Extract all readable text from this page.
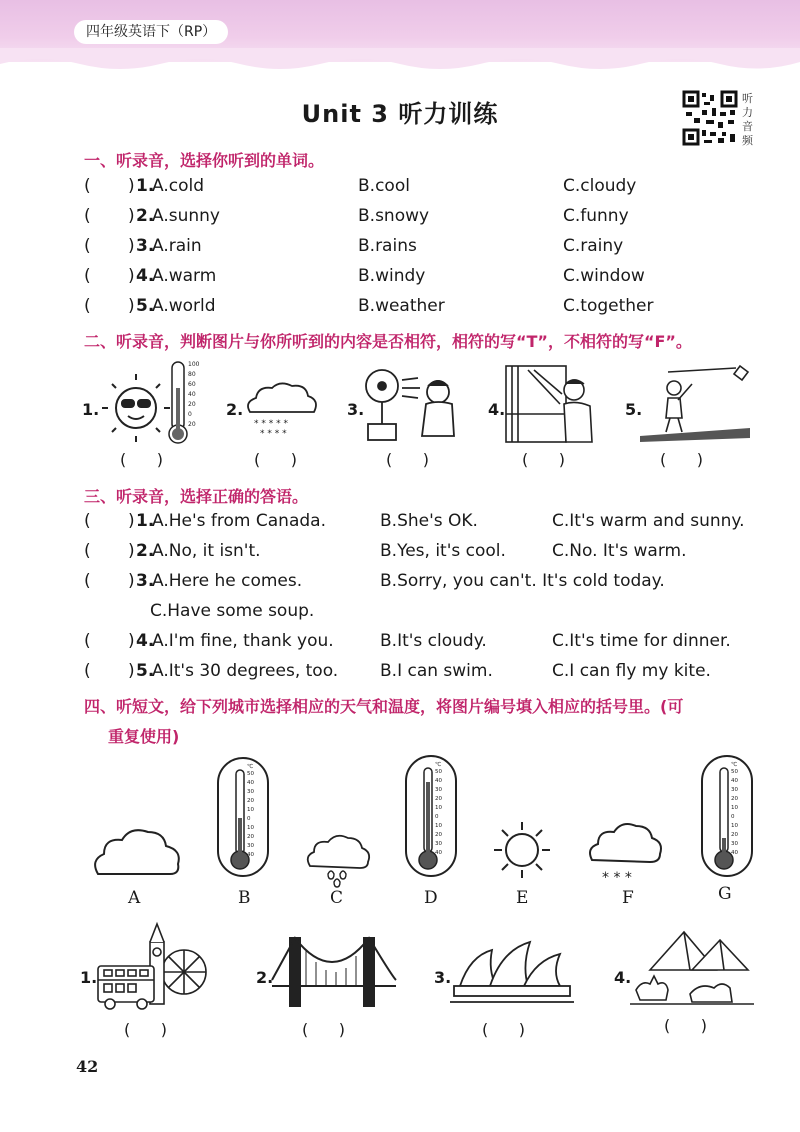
四年级英语下（RP）
Unit 3 听力训练
听力音频
一、听录音，选择你听到的单词。
( ) 1.
A.cold	B.cool	C.cloudy
( ) 2.
A.sunny	B.snowy	C.funny
( ) 3.
A.rain	B.rains	C.rainy
( ) 4.
A.warm	B.windy	C.window
( ) 5.
A.world	B.weather	C.together
二、听录音，判断图片与你所听到的内容是否相符，相符的写“T”，不相符的写“F”。
1.
100
80
60
40
20
0
20
(      )
2.
* * * * *
* * * *
(      )
3.
(      )
4.
(      )
5.
(      )
三、听录音，选择正确的答语。
( ) 1.
A.He's from Canada.	B.She's OK.	C.It's warm and sunny.
( ) 2.
A.No, it isn't.	B.Yes, it's cool.	C.No. It's warm.
( ) 3.
A.Here he comes.	B.Sorry, you can't. It's cold today.
C.Have some soup.
( ) 4.
A.I'm fine, thank you.	B.It's cloudy.	C.It's time for dinner.
( ) 5.
A.It's 30 degrees, too. B.I can swim.	C.I can fly my kite.
四、听短文，给下列城市选择相应的天气和温度，将图片编号填入相应的括号里。(可
重复使用)
A
℃
50
40
30
20
10
0
10
20
30
40
B	C
℃
50
40
30
20
10
0
10
20
30
40
D	E
* * *
F
℃
50
40
30
20
10
0
10
20
30
40
G
1.
(      )
2.
(      )
3.
(      )
4.
(      )
42
